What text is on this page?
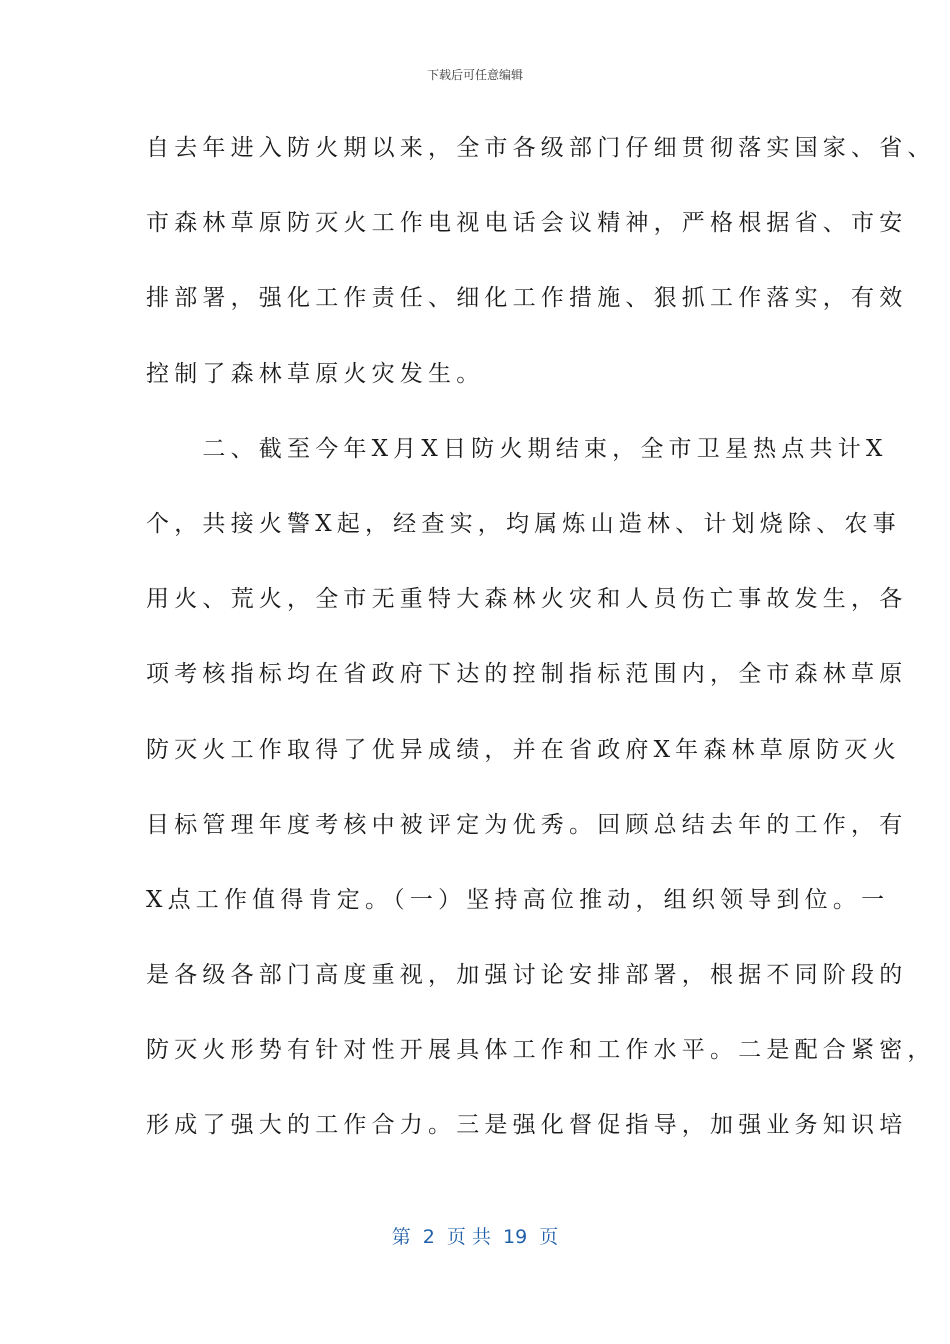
下载后可任意编辑
自去年进入防火期以来，全市各级部门仔细贯彻落实国家、省、
市森林草原防灭火工作电视电话会议精神，严格根据省、市安
排部署，强化工作责任、细化工作措施、狠抓工作落实，有效
控制了森林草原火灾发生。
　　二、截至今年X月X日防火期结束，全市卫星热点共计X
个，共接火警X起，经查实，均属炼山造林、计划烧除、农事
用火、荒火，全市无重特大森林火灾和人员伤亡事故发生，各
项考核指标均在省政府下达的控制指标范围内，全市森林草原
防灭火工作取得了优异成绩，并在省政府X年森林草原防灭火
目标管理年度考核中被评定为优秀。回顾总结去年的工作，有
X点工作值得肯定。（一）坚持高位推动，组织领导到位。一
是各级各部门高度重视，加强讨论安排部署，根据不同阶段的
防灭火形势有针对性开展具体工作和工作水平。二是配合紧密，
形成了强大的工作合力。三是强化督促指导，加强业务知识培
第  2  页 共  19  页
